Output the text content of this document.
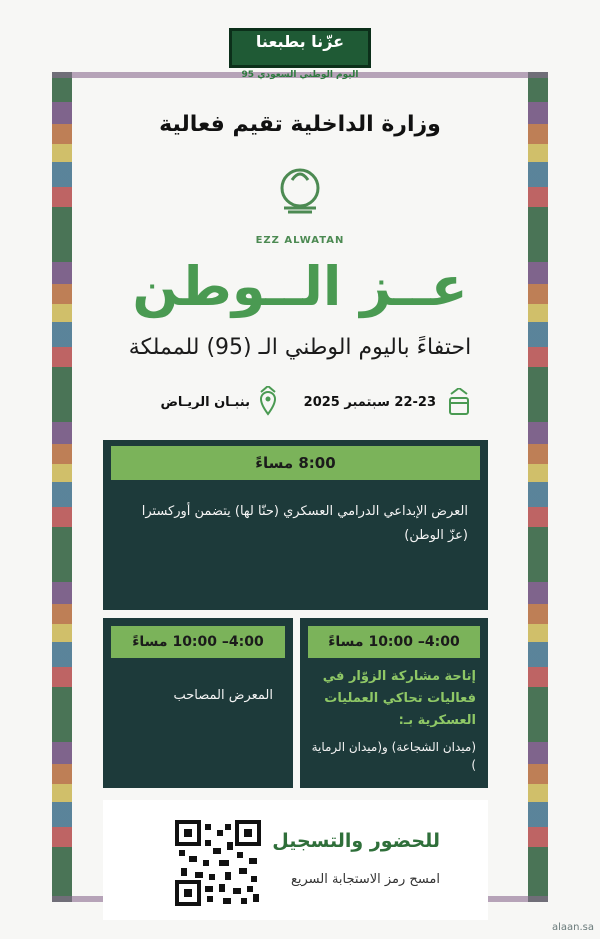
عزّنا بطبعنا
اليوم الوطني السعودي 95
وزارة الداخلية تقيم فعالية
EZZ ALWATAN
عــز الــوطن
احتفاءً باليوم الوطني الـ (95) للمملكة
22-23 سبتمبر 2025
بنبـان الريـاض
8:00 مساءً
العرض الإبداعي الدرامي العسكري (حنّا لها) يتضمن أوركسترا (عزّ الوطن)
4:00– 10:00 مساءً
إتاحة مشاركة الزوّار في فعاليات تحاكي العمليات العسكرية بـ:
(ميدان الشجاعة) و(ميدان الرماية )
4:00– 10:00 مساءً
المعرض المصاحب
للحضور والتسجيل
امسح رمز الاستجابة السريع
alaan.sa
